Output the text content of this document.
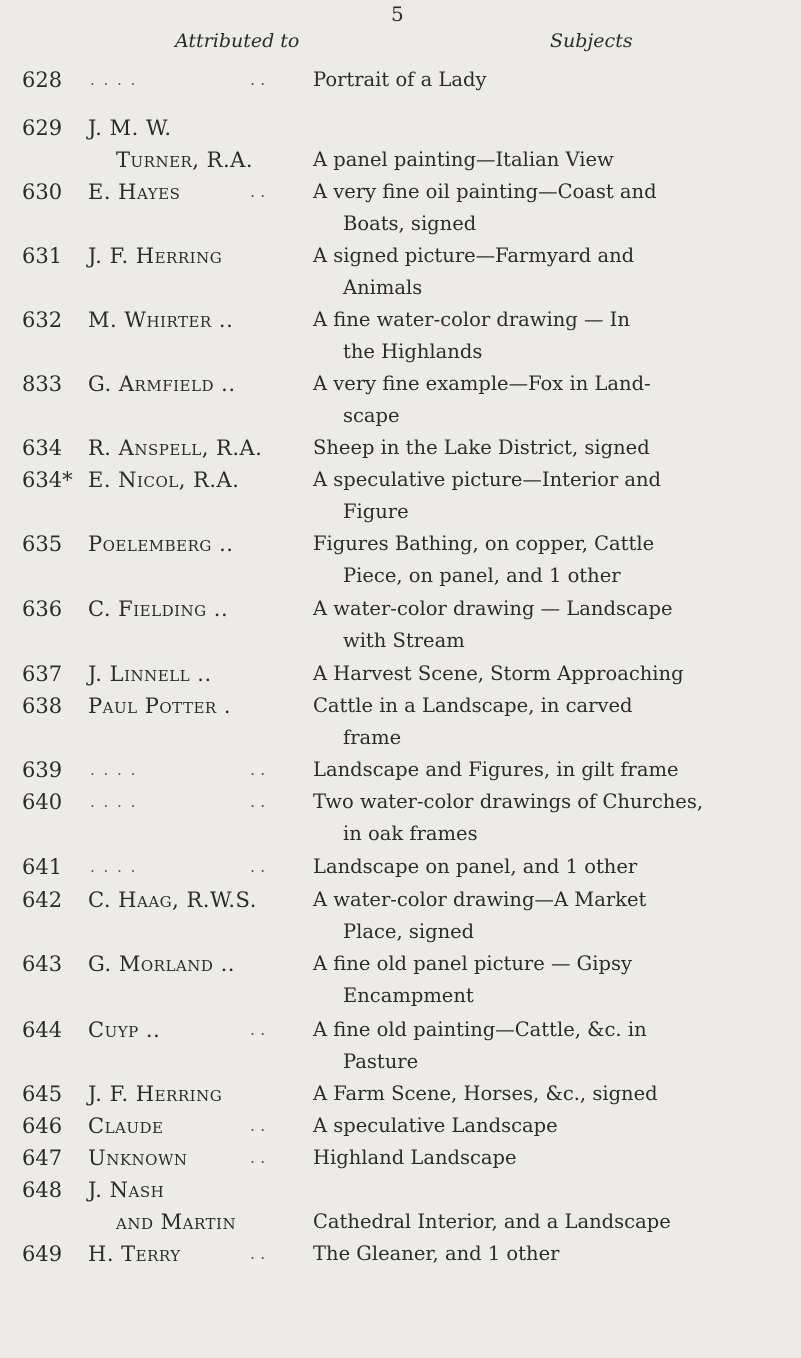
5
Attributed to	Subjects
628	. . . .	. . Portrait of a Lady
629	J. M. W.
Turner, R.A.	A panel painting—Italian View
630	E. Hayes	. . A very fine oil painting—Coast and
Boats, signed
631	J. F. Herring	A signed picture—Farmyard and
Animals
632	M. Whirter ..	A fine water-color drawing — In
the Highlands
833	G. Armfield ..	A very fine example—Fox in Land-
scape
634	R. Anspell, R.A.	Sheep in the Lake District, signed
634* E. Nicol, R.A.	A speculative picture—Interior and
Figure
635	Poelemberg ..	Figures Bathing, on copper, Cattle
Piece, on panel, and 1 other
636	C. Fielding ..	A water-color drawing — Landscape
with Stream
637	J. Linnell ..	A Harvest Scene, Storm Approaching
638	Paul Potter .	Cattle in a Landscape, in carved
frame
639	. . . .	. . Landscape and Figures, in gilt frame
640	. . . .	. . Two water-color drawings of Churches,
in oak frames
641	. . . .	. . Landscape on panel, and 1 other
642	C. Haag, R.W.S.	A water-color drawing—A Market
Place, signed
643	G. Morland ..	A fine old panel picture — Gipsy
Encampment
644	Cuyp ..	. . A fine old painting—Cattle, &c. in
Pasture
645	J. F. Herring	A Farm Scene, Horses, &c., signed
646	Claude	. . A speculative Landscape
647	Unknown	. . Highland Landscape
648	J. Nash
and Martin	Cathedral Interior, and a Landscape
649	H. Terry	. . The Gleaner, and 1 other
